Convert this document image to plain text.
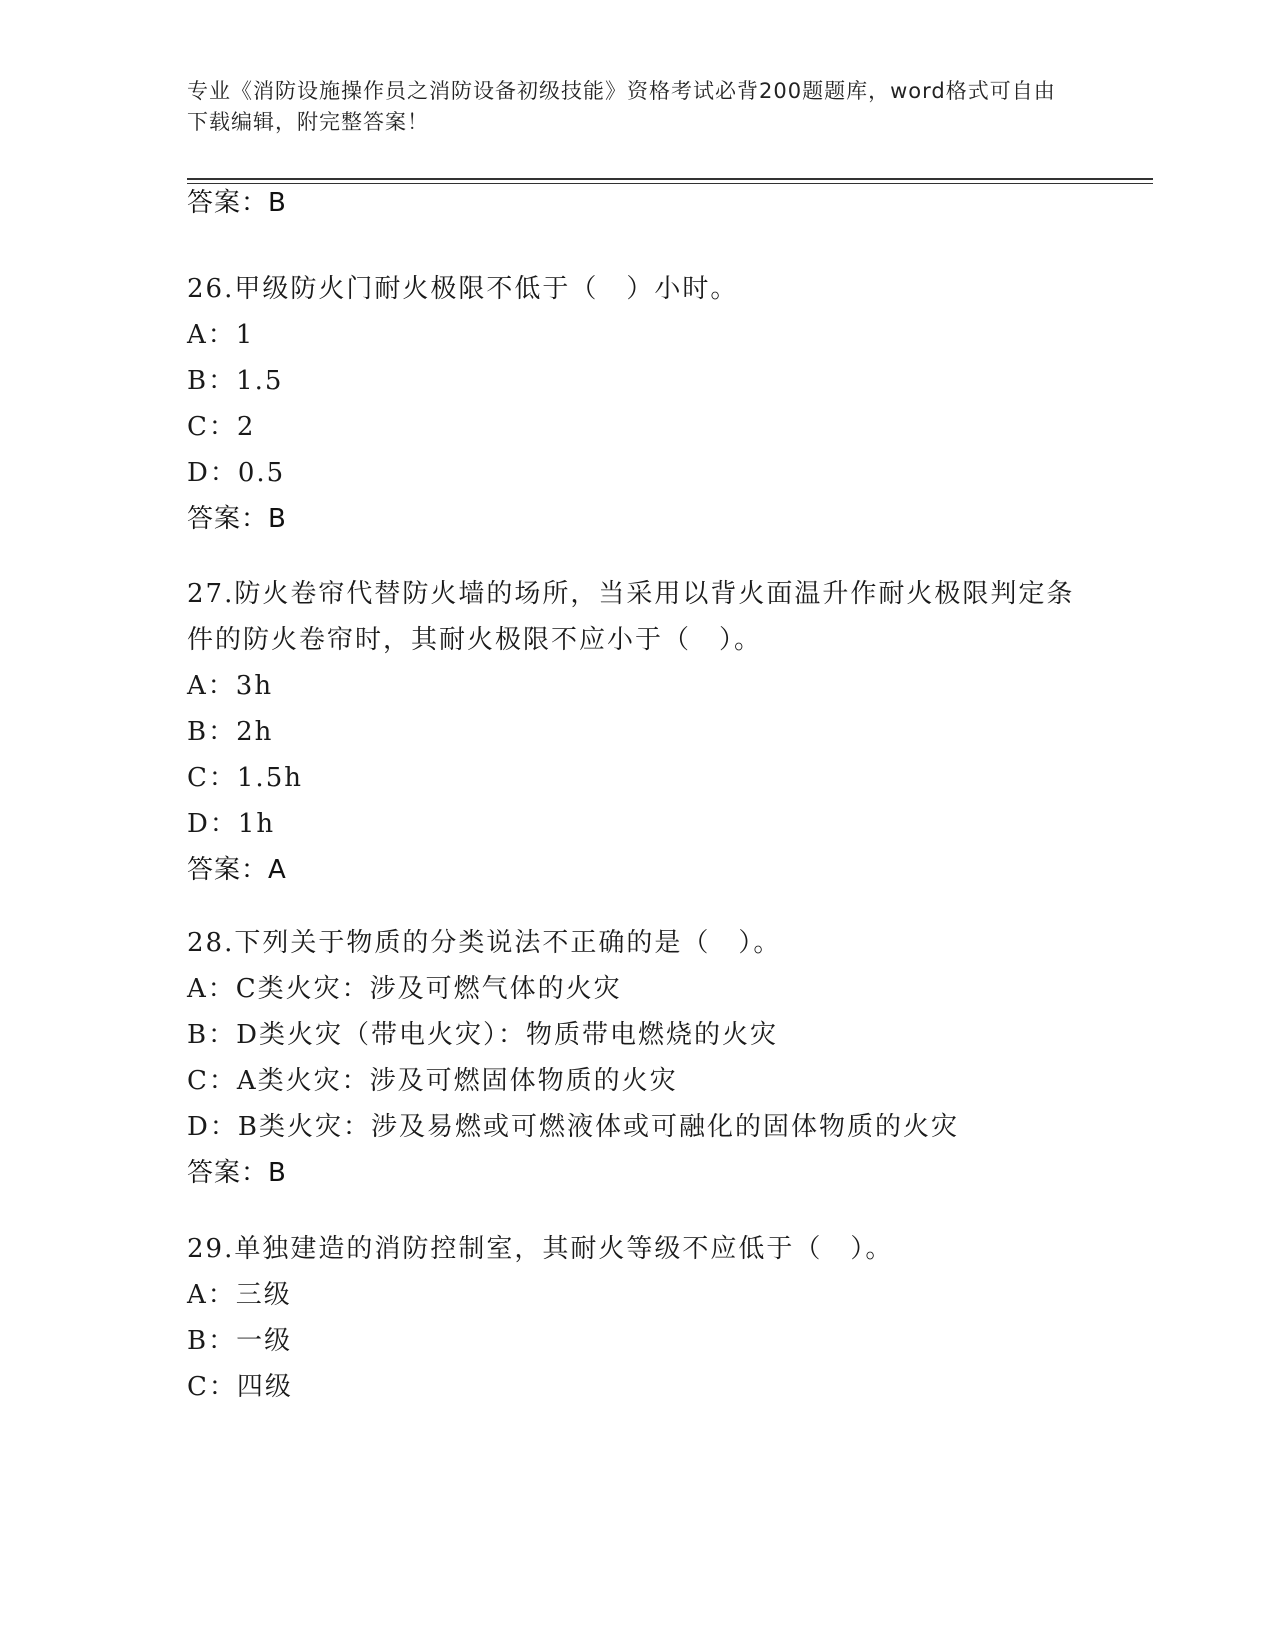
专业《消防设施操作员之消防设备初级技能》资格考试必背200题题库，word格式可自由下载编辑，附完整答案！
答案：B
26.甲级防火门耐火极限不低于（　）小时。
A：1
B：1.5
C：2
D：0.5
答案：B
27.防火卷帘代替防火墙的场所，当采用以背火面温升作耐火极限判定条件的防火卷帘时，其耐火极限不应小于（　）。
A：3h
B：2h
C：1.5h
D：1h
答案：A
28.下列关于物质的分类说法不正确的是（　）。
A：C类火灾：涉及可燃气体的火灾
B：D类火灾（带电火灾）：物质带电燃烧的火灾
C：A类火灾：涉及可燃固体物质的火灾
D：B类火灾：涉及易燃或可燃液体或可融化的固体物质的火灾
答案：B
29.单独建造的消防控制室，其耐火等级不应低于（　）。
A：三级
B：一级
C：四级
